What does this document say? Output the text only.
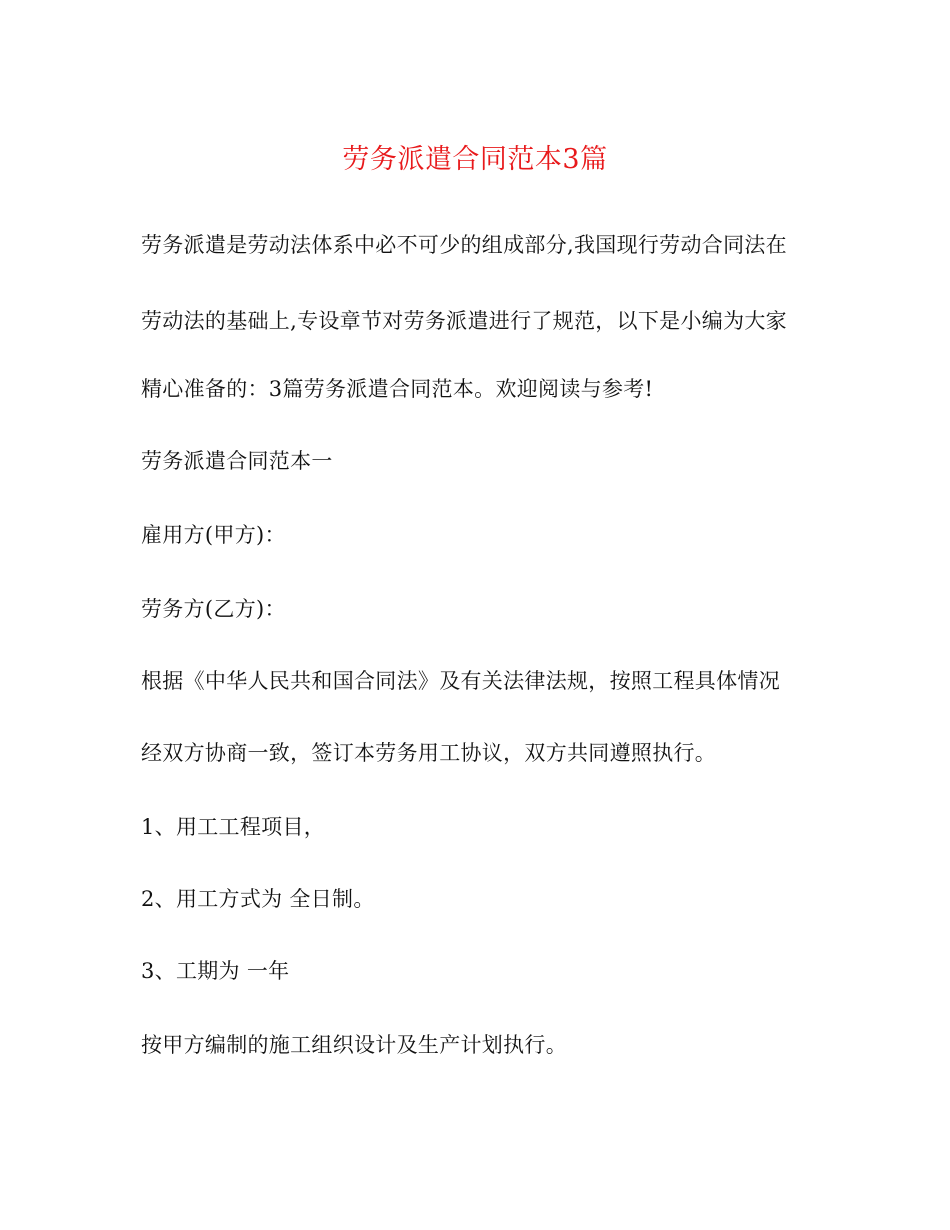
劳务派遣合同范本3篇
劳务派遣是劳动法体系中必不可少的组成部分,我国现行劳动合同法在
劳动法的基础上,专设章节对劳务派遣进行了规范，以下是小编为大家
精心准备的：3篇劳务派遣合同范本。欢迎阅读与参考!
劳务派遣合同范本一
雇用方(甲方)：
劳务方(乙方)：
根据《中华人民共和国合同法》及有关法律法规，按照工程具体情况
经双方协商一致，签订本劳务用工协议，双方共同遵照执行。
1、用工工程项目，
2、用工方式为 全日制。
3、工期为 一年
按甲方编制的施工组织设计及生产计划执行。
